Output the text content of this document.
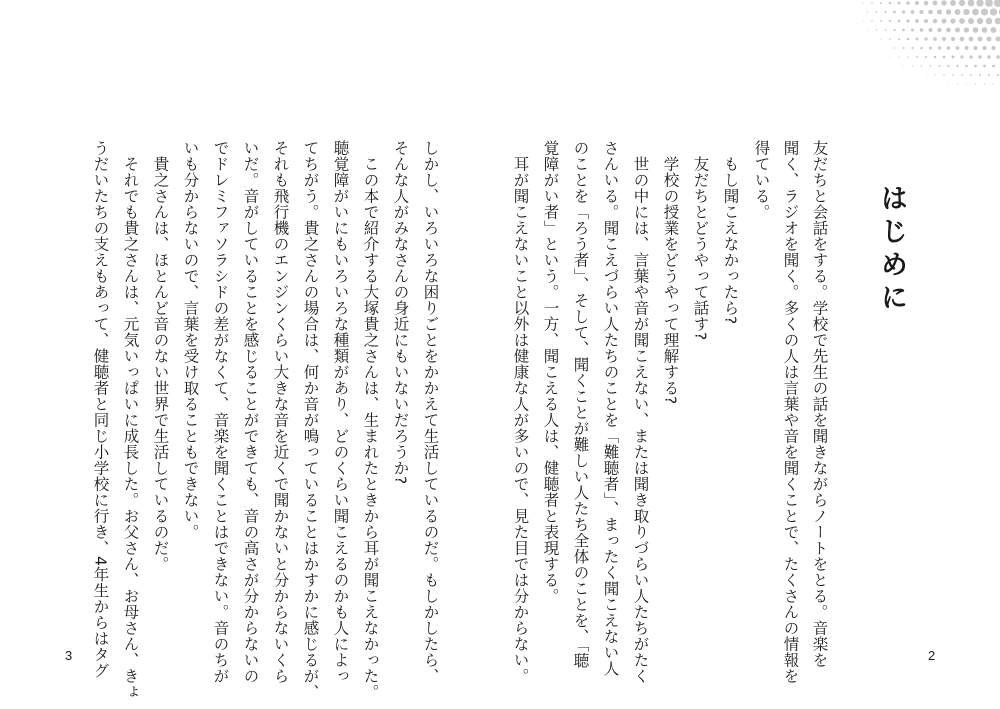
はじめに
友だちと会話をする。学校で先生の話を聞きながらノートをとる。音楽を
聞く、ラジオを聞く。多くの人は言葉や音を聞くことで、たくさんの情報を
得ている。
もし聞こえなかったら?
友だちとどうやって話す?
学校の授業をどうやって理解する?
世の中には、言葉や音が聞こえない、または聞き取りづらい人たちがたく
さんいる。聞こえづらい人たちのことを「難聴者」、まったく聞こえない人
のことを「ろう者」、そして、聞くことが難しい人たち全体のことを、「聴
覚障がい者」という。一方、聞こえる人は、健聴者と表現する。
耳が聞こえないこと以外は健康な人が多いので、見た目では分からない。
しかし、いろいろな困りごとをかかえて生活しているのだ。もしかしたら、
そんな人がみなさんの身近にもいないだろうか?
この本で紹介する大塚貴之さんは、生まれたときから耳が聞こえなかった。
聴覚障がいにもいろいろな種類があり、どのくらい聞こえるのかも人によっ
てちがう。貴之さんの場合は、何か音が鳴っていることはかすかに感じるが、
それも飛行機のエンジンくらい大きな音を近くで聞かないと分からないくら
いだ。音がしていることを感じることができても、音の高さが分からないの
でドレミファソラシドの差がなくて、音楽を聞くことはできない。音のちが
いも分からないので、言葉を受け取ることもできない。
貴之さんは、ほとんど音のない世界で生活しているのだ。
それでも貴之さんは、元気いっぱいに成長した。お父さん、お母さん、きょ
うだいたちの支えもあって、健聴者と同じ小学校に行き、4年生からはタグ
3	2
